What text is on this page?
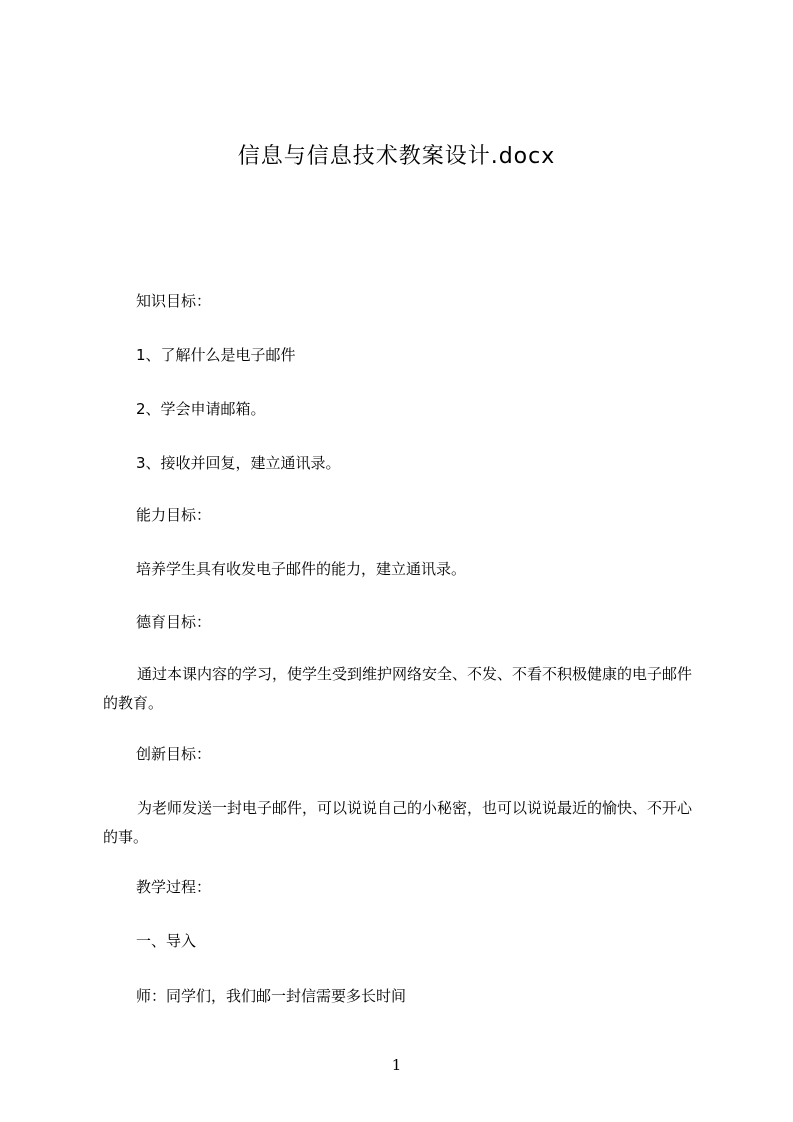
信息与信息技术教案设计.docx

知识目标：

1、了解什么是电子邮件

2、学会申请邮箱。

3、接收并回复，建立通讯录。

能力目标：

培养学生具有收发电子邮件的能力，建立通讯录。

德育目标：

通过本课内容的学习，使学生受到维护网络安全、不发、不看不积极健康的电子邮件的教育。

创新目标：

为老师发送一封电子邮件，可以说说自己的小秘密，也可以说说最近的愉快、不开心的事。

教学过程：

一、导入

师：同学们，我们邮一封信需要多长时间

1
